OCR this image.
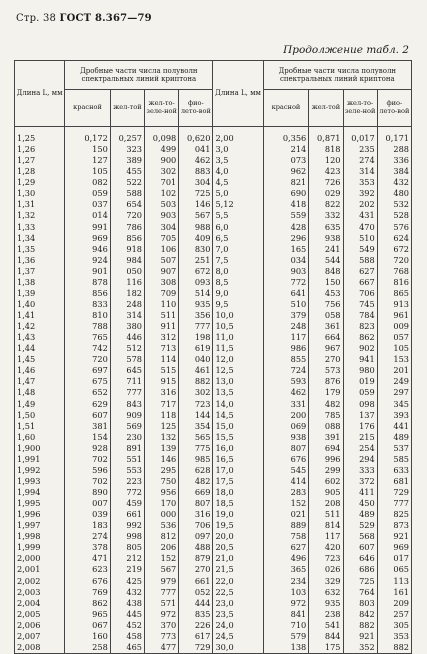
Стр. 38 ГОСТ 8.367—79
Продолжение табл. 2
Длина L, мм	Дробные части числа полуволн спектральных линий криптона				Длина L, мм	Дробные части числа полуволн спектральных линий криптона			
	красной	жел-той	жел-то-зеле-ной	фио-лето-вой		красной	жел-той	жел-то-зеле-ной	фио-лето-вой
1,25	0,172	0,257	0,098	0,620	2,00	0,356	0,871	0,017	0,171
1,26	150	323	499	041	3,0	214	818	235	288
1,27	127	389	900	462	3,5	073	120	274	336
1,28	105	455	302	883	4,0	962	423	314	384
1,29	082	522	701	304	4,5	821	726	353	432
1,30	059	588	102	725	5,0	690	029	392	480
1,31	037	654	503	146	5,12	418	822	202	532
1,32	014	720	903	567	5,5	559	332	431	528
1,33	991	786	304	988	6,0	428	635	470	576
1,34	969	856	705	409	6,5	296	938	510	624
1,35	946	918	106	830	7,0	165	241	549	672
1,36	924	984	507	251	7,5	034	544	588	720
1,37	901	050	907	672	8,0	903	848	627	768
1,38	878	116	308	093	8,5	772	150	667	816
1,39	856	182	709	514	9,0	641	453	706	865
1,40	833	248	110	935	9,5	510	756	745	913
1,41	810	314	511	356	10,0	379	058	784	961
1,42	788	380	911	777	10,5	248	361	823	009
1,43	765	446	312	198	11,0	117	664	862	057
1,44	742	512	713	619	11,5	986	967	902	105
1,45	720	578	114	040	12,0	855	270	941	153
1,46	697	645	515	461	12,5	724	573	980	201
1,47	675	711	915	882	13,0	593	876	019	249
1,48	652	777	316	302	13,5	462	179	059	297
1,49	629	843	717	723	14,0	331	482	098	345
1,50	607	909	118	144	14,5	200	785	137	393
1,51	381	569	125	354	15,0	069	088	176	441
1,60	154	230	132	565	15,5	938	391	215	489
1,900	928	891	139	775	16,0	807	694	254	537
1,991	702	551	146	985	16,5	676	996	294	585
1,992	596	553	295	628	17,0	545	299	333	633
1,993	702	223	750	482	17,5	414	602	372	681
1,994	890	772	956	669	18,0	283	905	411	729
1,995	007	459	170	807	18,5	152	208	450	777
1,996	039	661	000	316	19,0	021	511	489	825
1,997	183	992	536	706	19,5	889	814	529	873
1,998	274	998	812	097	20,0	758	117	568	921
1,999	378	805	206	488	20,5	627	420	607	969
2,000	471	212	152	879	21,0	496	723	646	017
2,001	623	219	567	270	21,5	365	026	686	065
2,002	676	425	979	661	22,0	234	329	725	113
2,003	769	432	777	052	22,5	103	632	764	161
2,004	862	438	571	444	23,0	972	935	803	209
2,005	965	445	972	835	23,5	841	238	842	257
2,006	067	452	370	226	24,0	710	541	882	305
2,007	160	458	773	617	24,5	579	844	921	353
2,008	258	465	477	729	30,0	138	175	352	882
